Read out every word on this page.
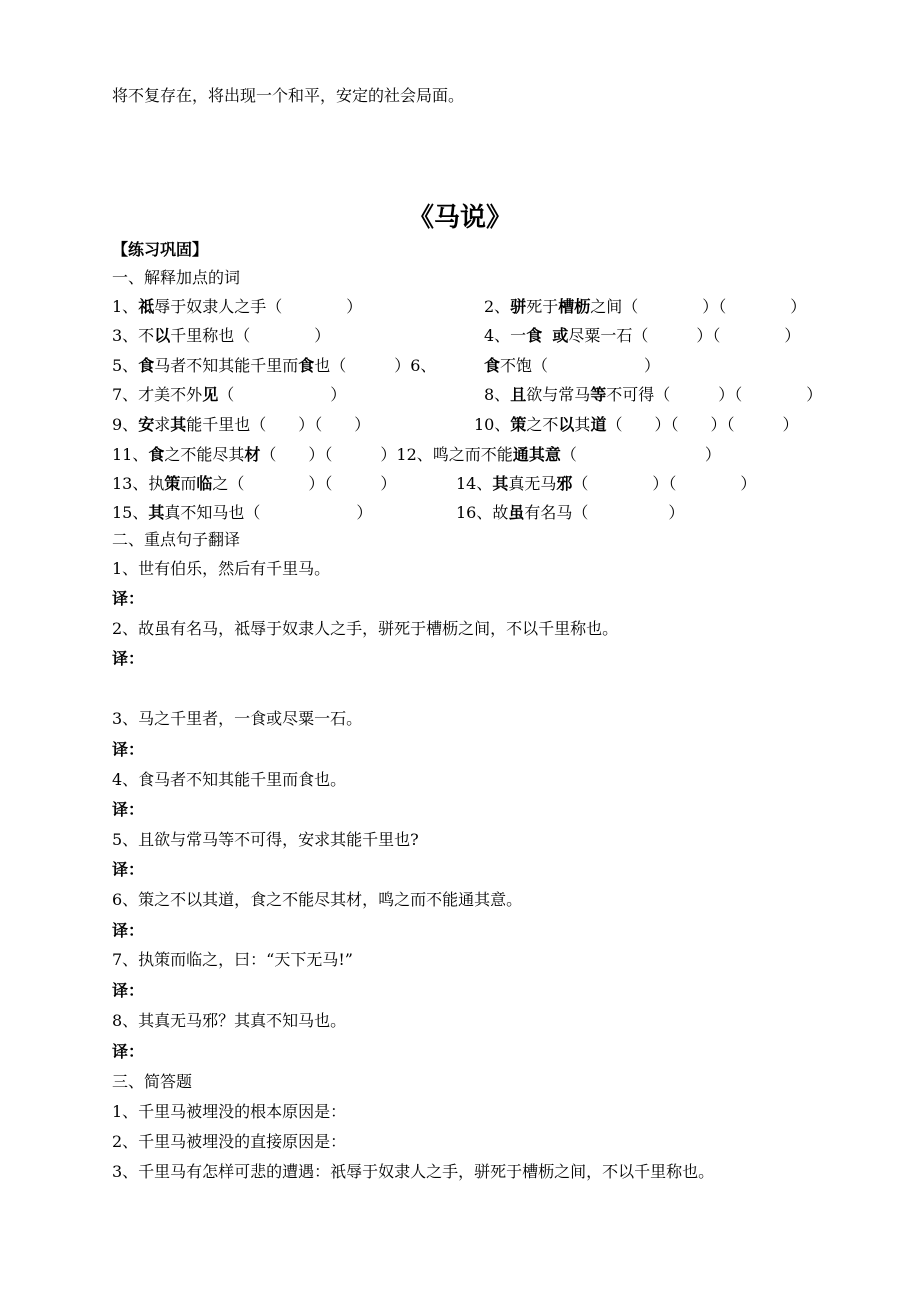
将不复存在，将出现一个和平，安定的社会局面。
《马说》
【练习巩固】
一、解释加点的词
1、祗辱于奴隶人之手（　　　　）	2、骈死于槽枥之间（　　　　）（　　　　）
3、不以千里称也（　　　　）	4、一食 或尽粟一石（　　　）（　　　　）
5、食马者不知其能千里而食也（　　　）6、	食不饱（　　　　　　）
7、才美不外见（　　　　　　）	8、且欲与常马等不可得（　　　）（　　　　）
9、安求其能千里也（　　）（　　）	10、策之不以其道（　　）（　　）（　　　）
11、食之不能尽其材（　　）（　　　）12、鸣之而不能通其意（　　　　　　　　）
13、执策而临之（　　　　）（　　　）	14、其真无马邪（　　　　）（　　　　）
15、其真不知马也（　　　　　　）	16、故虽有名马（　　　　　）
二、重点句子翻译
1、世有伯乐，然后有千里马。
译：
2、故虽有名马，祗辱于奴隶人之手，骈死于槽枥之间，不以千里称也。
译：
3、马之千里者，一食或尽粟一石。
译：
4、食马者不知其能千里而食也。
译：
5、且欲与常马等不可得，安求其能千里也?
译：
6、策之不以其道，食之不能尽其材，鸣之而不能通其意。
译：
7、执策而临之，曰：“天下无马!”
译：
8、其真无马邪？其真不知马也。
译：
三、简答题
1、千里马被埋没的根本原因是：
2、千里马被埋没的直接原因是：
3、千里马有怎样可悲的遭遇：祇辱于奴隶人之手，骈死于槽枥之间，不以千里称也。
